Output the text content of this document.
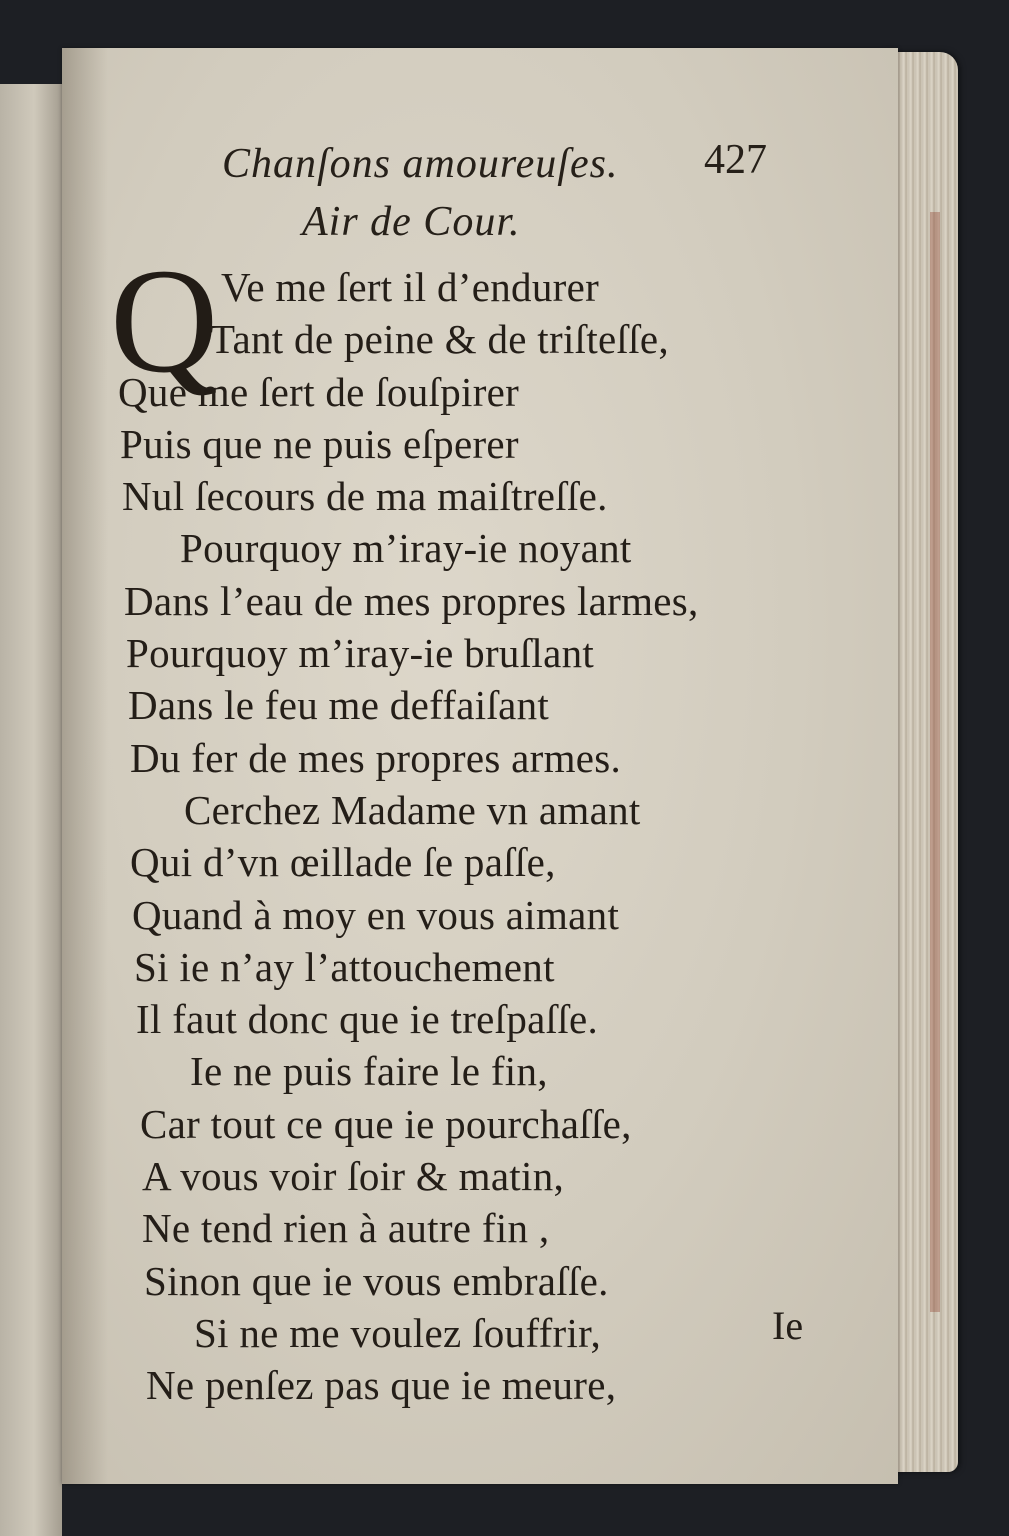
Chanſons amoureuſes. 427
Air de Cour.
Q Ve me ſert il d’endurer
Tant de peine & de triſteſſe,
Que me ſert de ſouſpirer
Puis que ne puis eſperer
Nul ſecours de ma maiſtreſſe.
Pourquoy m’iray-ie noyant
Dans l’eau de mes propres larmes,
Pourquoy m’iray-ie bruſlant
Dans le feu me deffaiſant
Du fer de mes propres armes.
Cerchez Madame vn amant
Qui d’vn œillade ſe paſſe,
Quand à moy en vous aimant
Si ie n’ay l’attouchement
Il faut donc que ie treſpaſſe.
Ie ne puis faire le fin,
Car tout ce que ie pourchaſſe,
A vous voir ſoir & matin,
Ne tend rien à autre fin ,
Sinon que ie vous embraſſe.
Si ne me voulez ſouffrir,
Ne penſez pas que ie meure,
Ie
